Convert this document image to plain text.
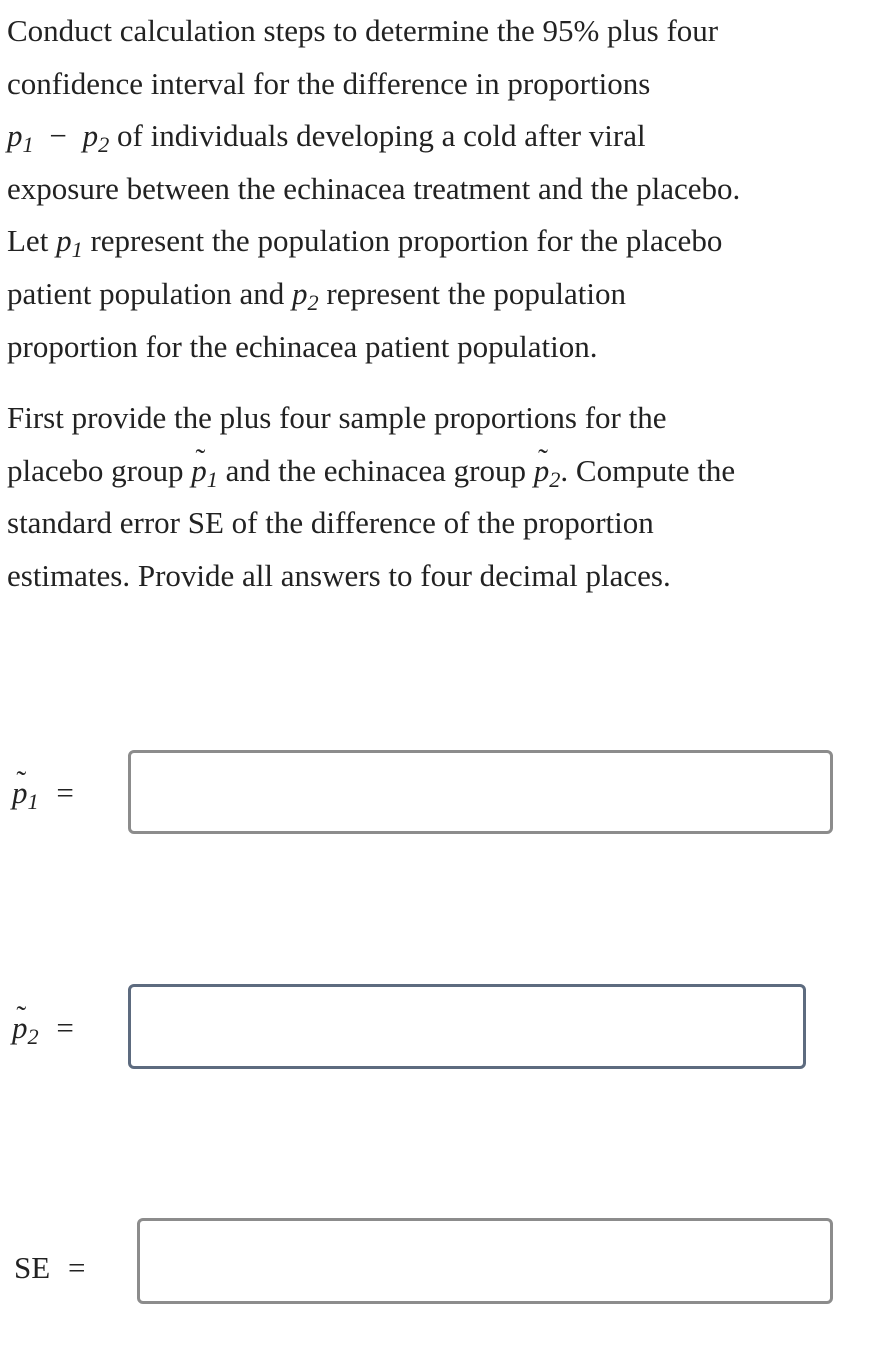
Conduct calculation steps to determine the 95% plus four
confidence interval for the difference in proportions
$p_1 - p_2$ of individuals developing a cold after viral
exposure between the echinacea treatment and the placebo.
Let $p_1$ represent the population proportion for the placebo
patient population and $p_2$ represent the population
proportion for the echinacea patient population.
First provide the plus four sample proportions for the
placebo group ˜ $p_1$ and the echinacea group ˜ $p_2$. Compute the
standard error SE of the difference of the proportion
estimates. Provide all answers to four decimal places.
˜ $p_1$ =
˜ $p_2$ =
SE =
